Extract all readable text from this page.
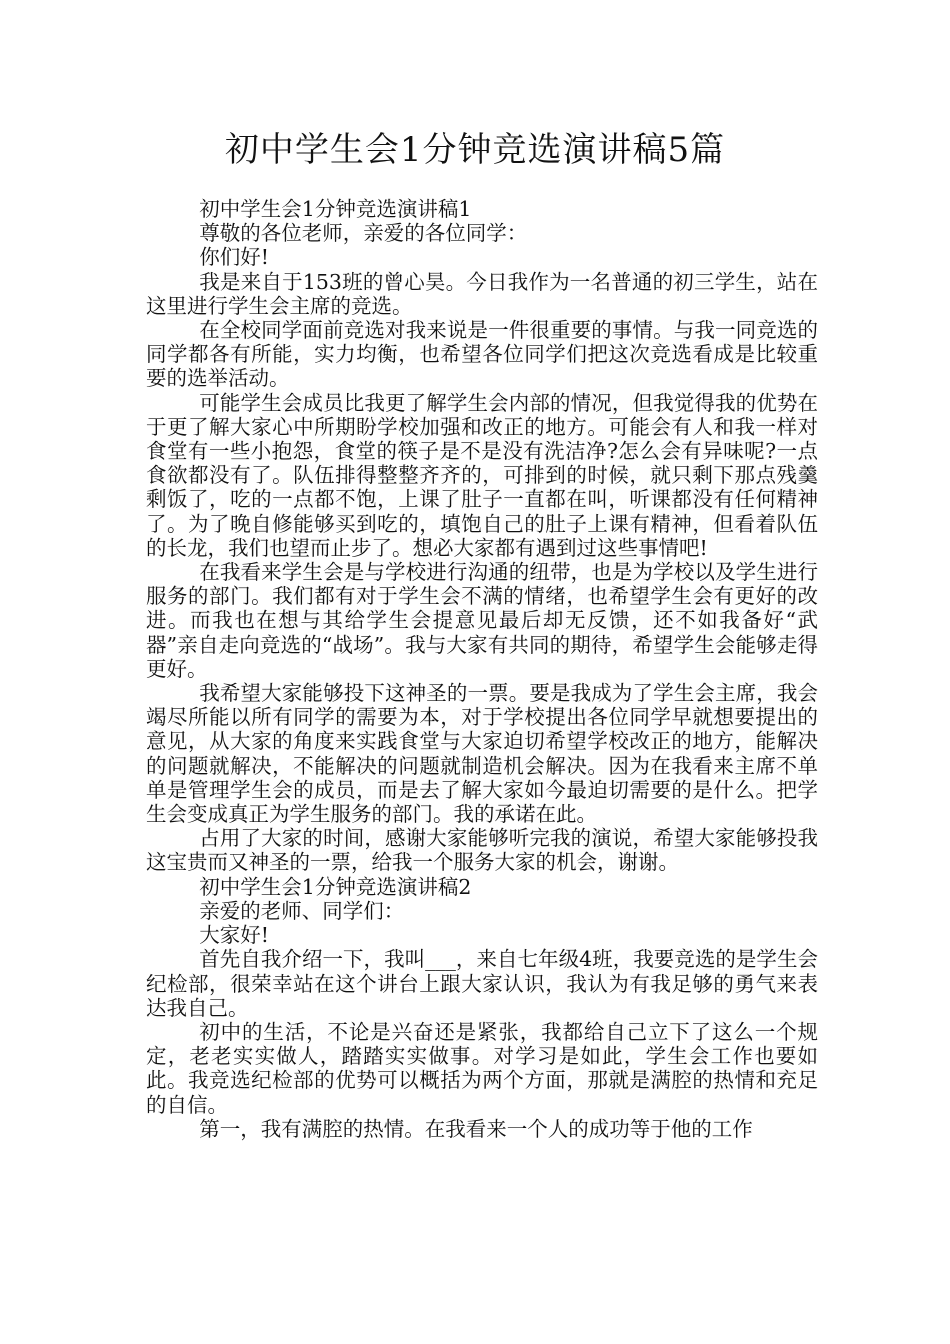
初中学生会1分钟竞选演讲稿5篇

初中学生会1分钟竞选演讲稿1

尊敬的各位老师，亲爱的各位同学：

你们好!

我是来自于153班的曾心昊。今日我作为一名普通的初三学生，站在这里进行学生会主席的竞选。

在全校同学面前竞选对我来说是一件很重要的事情。与我一同竞选的同学都各有所能，实力均衡，也希望各位同学们把这次竞选看成是比较重要的选举活动。

可能学生会成员比我更了解学生会内部的情况，但我觉得我的优势在于更了解大家心中所期盼学校加强和改正的地方。可能会有人和我一样对食堂有一些小抱怨，食堂的筷子是不是没有洗洁净?怎么会有异味呢?一点食欲都没有了。队伍排得整整齐齐的，可排到的时候，就只剩下那点残羹剩饭了，吃的一点都不饱，上课了肚子一直都在叫，听课都没有任何精神了。为了晚自修能够买到吃的，填饱自己的肚子上课有精神，但看着队伍的长龙，我们也望而止步了。想必大家都有遇到过这些事情吧!

在我看来学生会是与学校进行沟通的纽带，也是为学校以及学生进行服务的部门。我们都有对于学生会不满的情绪，也希望学生会有更好的改进。而我也在想与其给学生会提意见最后却无反馈，还不如我备好“武器”亲自走向竞选的“战场”。我与大家有共同的期待，希望学生会能够走得更好。

我希望大家能够投下这神圣的一票。要是我成为了学生会主席，我会竭尽所能以所有同学的需要为本，对于学校提出各位同学早就想要提出的意见，从大家的角度来实践食堂与大家迫切希望学校改正的地方，能解决的问题就解决，不能解决的问题就制造机会解决。因为在我看来主席不单单是管理学生会的成员，而是去了解大家如今最迫切需要的是什么。把学生会变成真正为学生服务的部门。我的承诺在此。

占用了大家的时间，感谢大家能够听完我的演说，希望大家能够投我这宝贵而又神圣的一票，给我一个服务大家的机会，谢谢。

初中学生会1分钟竞选演讲稿2

亲爱的老师、同学们：

大家好!

首先自我介绍一下，我叫___，来自七年级4班，我要竞选的是学生会纪检部，很荣幸站在这个讲台上跟大家认识，我认为有我足够的勇气来表达我自己。

初中的生活，不论是兴奋还是紧张，我都给自己立下了这么一个规定，老老实实做人，踏踏实实做事。对学习是如此，学生会工作也要如此。我竞选纪检部的优势可以概括为两个方面，那就是满腔的热情和充足的自信。

第一，我有满腔的热情。在我看来一个人的成功等于他的工作
